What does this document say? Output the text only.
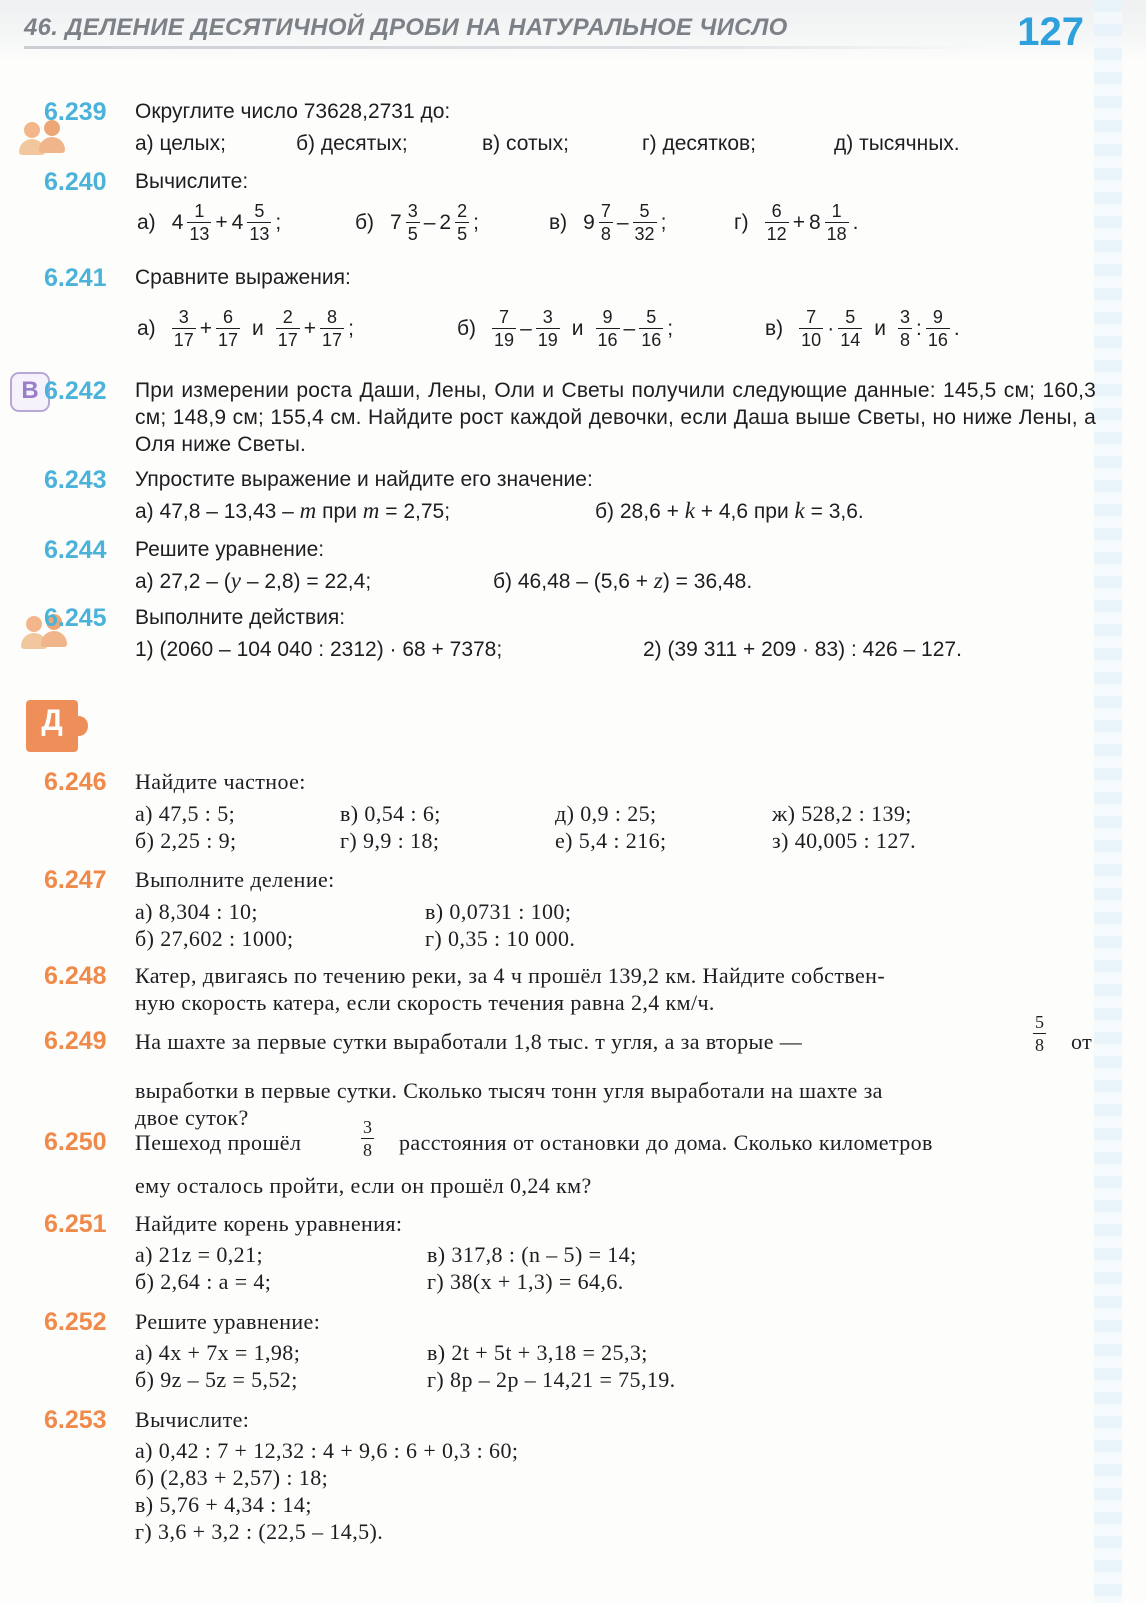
46. ДЕЛЕНИЕ ДЕСЯТИЧНОЙ ДРОБИ НА НАТУРАЛЬНОЕ ЧИСЛО	127
6.239 Округлите число 73628,2731 до:
а) целых;	б) десятых;	в) сотых;	г) десятков;	д) тысячных.
6.240 Вычислите:
а) $4 \frac{1}{13} + 4 \frac{5}{13}$ ;	б) $7 \frac{3}{5} - 2 \frac{2}{5}$ ;	в) $9 \frac{7}{8} - \frac{5}{32}$ ;	$г) \frac{6}{12} + 8 \frac{1}{18}$ .
6.241 Сравните выражения:
$а) \frac{3}{17} + \frac{6}{17}$ и $\frac{2}{17} + \frac{8}{17}$ ;	$б) \frac{7}{19} - \frac{3}{19}$ и $\frac{9}{16} - \frac{5}{16}$ ;	$в) \frac{7}{10} \cdot \frac{5}{14}$ и $\frac{3}{8}$ : $\frac{9}{16}$ .
В 6.242 При измерении роста Даши, Лены, Оли и Светы получили следующие данные: 145,5 см; 160,3 см; 148,9 см; 155,4 см. Найдите рост каждой девочки, если Даша выше Светы, но ниже Лены, а Оля ниже Светы.
6.243 Упростите выражение и найдите его значение:
а) 47,8 – 13,43 – m при m = 2,75;	б) 28,6 + k + 4,6 при k = 3,6.
6.244 Решите уравнение:
а) 27,2 – (y – 2,8) = 22,4;	б) 46,48 – (5,6 + z) = 36,48.
6.245 Выполните действия:
1) (2060 – 104 040 : 2312) · 68 + 7378;	2) (39 311 + 209 · 83) : 426 – 127.
Д
6.246 Найдите частное:
а) 47,5 : 5;	в) 0,54 : 6;	д) 0,9 : 25;	ж) 528,2 : 139;
б) 2,25 : 9;	г) 9,9 : 18;	е) 5,4 : 216;	з) 40,005 : 127.
6.247 Выполните деление:
а) 8,304 : 10;	в) 0,0731 : 100;
б) 27,602 : 1000;	г) 0,35 : 10 000.
6.248 Катер, двигаясь по течению реки, за 4 ч прошёл 139,2 км. Найдите собствен-
ную скорость катера, если скорость течения равна 2,4 км/ч.
6.249 На шахте за первые сутки выработали 1,8 тыс. т угля, а за вторые —	$\frac{5}{8}$ от
выработки в первые сутки. Сколько тысяч тонн угля выработали на шахте за
двое суток?
6.250 Пешеход прошёл	$\frac{3}{8}$ расстояния от остановки до дома. Сколько километров
ему осталось пройти, если он прошёл 0,24 км?
6.251 Найдите корень уравнения:
а) 21z = 0,21;	в) 317,8 : (n – 5) = 14;
б) 2,64 : a = 4;	г) 38(x + 1,3) = 64,6.
6.252 Решите уравнение:
а) 4x + 7x = 1,98;	в) 2t + 5t + 3,18 = 25,3;
б) 9z – 5z = 5,52;	г) 8p – 2p – 14,21 = 75,19.
6.253 Вычислите:
а) 0,42 : 7 + 12,32 : 4 + 9,6 : 6 + 0,3 : 60;
б) (2,83 + 2,57) : 18;
в) 5,76 + 4,34 : 14;
г) 3,6 + 3,2 : (22,5 – 14,5).
